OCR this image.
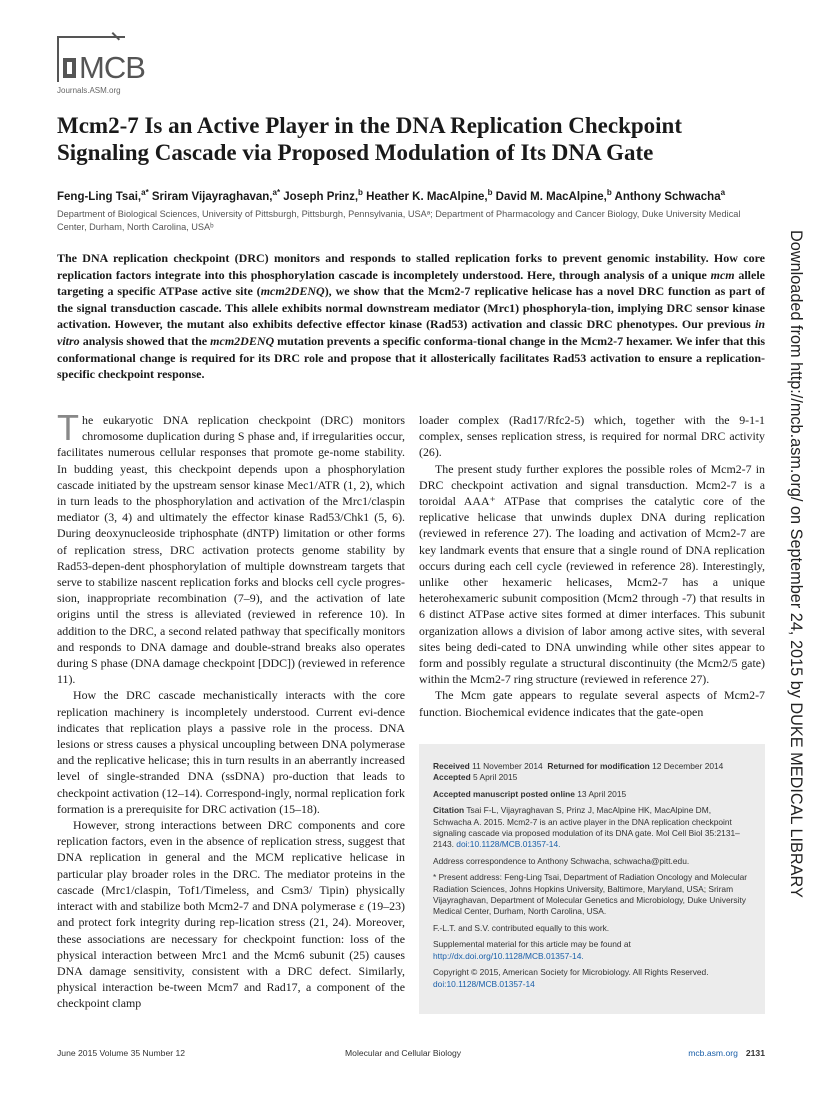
MCB
Journals.ASM.org
Mcm2-7 Is an Active Player in the DNA Replication Checkpoint Signaling Cascade via Proposed Modulation of Its DNA Gate
Feng-Ling Tsai,$^{a*}$ Sriram Vijayraghavan,$^{a*}$ Joseph Prinz,$^b$ Heather K. MacAlpine,$^b$ David M. MacAlpine,$^b$ Anthony Schwacha$^a$
Department of Biological Sciences, University of Pittsburgh, Pittsburgh, Pennsylvania, USAᵃ; Department of Pharmacology and Cancer Biology, Duke University Medical Center, Durham, North Carolina, USAᵇ
The DNA replication checkpoint (DRC) monitors and responds to stalled replication forks to prevent genomic instability. How core replication factors integrate into this phosphorylation cascade is incompletely understood. Here, through analysis of a unique mcm allele targeting a specific ATPase active site (mcm2DENQ), we show that the Mcm2-7 replicative helicase has a novel DRC function as part of the signal transduction cascade. This allele exhibits normal downstream mediator (Mrc1) phosphoryla-tion, implying DRC sensor kinase activation. However, the mutant also exhibits defective effector kinase (Rad53) activation and classic DRC phenotypes. Our previous in vitro analysis showed that the mcm2DENQ mutation prevents a specific conforma-tional change in the Mcm2-7 hexamer. We infer that this conformational change is required for its DRC role and propose that it allosterically facilitates Rad53 activation to ensure a replication-specific checkpoint response.

The eukaryotic DNA replication checkpoint (DRC) monitors chromosome duplication during S phase and, if irregularities occur, facilitates numerous cellular responses that promote ge-nome stability. In budding yeast, this checkpoint depends upon a phosphorylation cascade initiated by the upstream sensor kinase Mec1/ATR (1, 2), which in turn leads to the phosphorylation and activation of the Mrc1/claspin mediator (3, 4) and ultimately the effector kinase Rad53/Chk1 (5, 6). During deoxynucleoside triphosphate (dNTP) limitation or other forms of replication stress, DRC activation protects genome stability by Rad53-depen-dent phosphorylation of multiple downstream targets that serve to stabilize nascent replication forks and blocks cell cycle progres-sion, inappropriate recombination (7–9), and the activation of late origins until the stress is alleviated (reviewed in reference 10). In addition to the DRC, a second related pathway that specifically monitors and responds to DNA damage and double-strand breaks also operates during S phase (DNA damage checkpoint [DDC]) (reviewed in reference 11).

How the DRC cascade mechanistically interacts with the core replication machinery is incompletely understood. Current evi-dence indicates that replication plays a passive role in the process. DNA lesions or stress causes a physical uncoupling between DNA polymerase and the replicative helicase; this in turn results in an aberrantly increased level of single-stranded DNA (ssDNA) pro-duction that leads to checkpoint activation (12–14). Correspond-ingly, normal replication fork formation is a prerequisite for DRC activation (15–18).

However, strong interactions between DRC components and core replication factors, even in the absence of replication stress, suggest that DNA replication in general and the MCM replicative helicase in particular play broader roles in the DRC. The mediator proteins in the cascade (Mrc1/claspin, Tof1/Timeless, and Csm3/ Tipin) physically interact with and stabilize both Mcm2-7 and DNA polymerase ε (19–23) and protect fork integrity during rep-lication stress (21, 24). Moreover, these associations are necessary for checkpoint function: loss of the physical interaction between Mrc1 and the Mcm6 subunit (25) causes DNA damage sensitivity, consistent with a DRC defect. Similarly, physical interaction be-tween Mcm7 and Rad17, a component of the checkpoint clamp

loader complex (Rad17/Rfc2-5) which, together with the 9-1-1 complex, senses replication stress, is required for normal DRC activity (26).

The present study further explores the possible roles of Mcm2-7 in DRC checkpoint activation and signal transduction. Mcm2-7 is a toroidal AAA⁺ ATPase that comprises the catalytic core of the replicative helicase that unwinds duplex DNA during replication (reviewed in reference 27). The loading and activation of Mcm2-7 are key landmark events that ensure that a single round of DNA replication occurs during each cell cycle (reviewed in reference 28). Interestingly, unlike other hexameric helicases, Mcm2-7 has a unique heterohexameric subunit composition (Mcm2 through -7) that results in 6 distinct ATPase active sites formed at dimer interfaces. This subunit organization allows a division of labor among active sites, with several sites being dedi-cated to DNA unwinding while other sites appear to form and possibly regulate a structural discontinuity (the Mcm2/5 gate) within the Mcm2-7 ring structure (reviewed in reference 27).

The Mcm gate appears to regulate several aspects of Mcm2-7 function. Biochemical evidence indicates that the gate-open

Received 11 November 2014 Returned for modification 12 December 2014
Accepted 5 April 2015

Accepted manuscript posted online 13 April 2015

Citation Tsai F-L, Vijayraghavan S, Prinz J, MacAlpine HK, MacAlpine DM, Schwacha A. 2015. Mcm2-7 is an active player in the DNA replication checkpoint signaling cascade via proposed modulation of its DNA gate. Mol Cell Biol 35:2131–2143. doi:10.1128/MCB.01357-14.

Address correspondence to Anthony Schwacha, schwacha@pitt.edu.

* Present address: Feng-Ling Tsai, Department of Radiation Oncology and Molecular Radiation Sciences, Johns Hopkins University, Baltimore, Maryland, USA; Sriram Vijayraghavan, Department of Molecular Genetics and Microbiology, Duke University Medical Center, Durham, North Carolina, USA.

F.-L.T. and S.V. contributed equally to this work.

Supplemental material for this article may be found at http://dx.doi.org/10.1128/MCB.01357-14.

Copyright © 2015, American Society for Microbiology. All Rights Reserved.
doi:10.1128/MCB.01357-14

Downloaded from http://mcb.asm.org/ on September 24, 2015 by DUKE MEDICAL LIBRARY
June 2015 Volume 35 Number 12	Molecular and Cellular Biology	mcb.asm.org 2131
